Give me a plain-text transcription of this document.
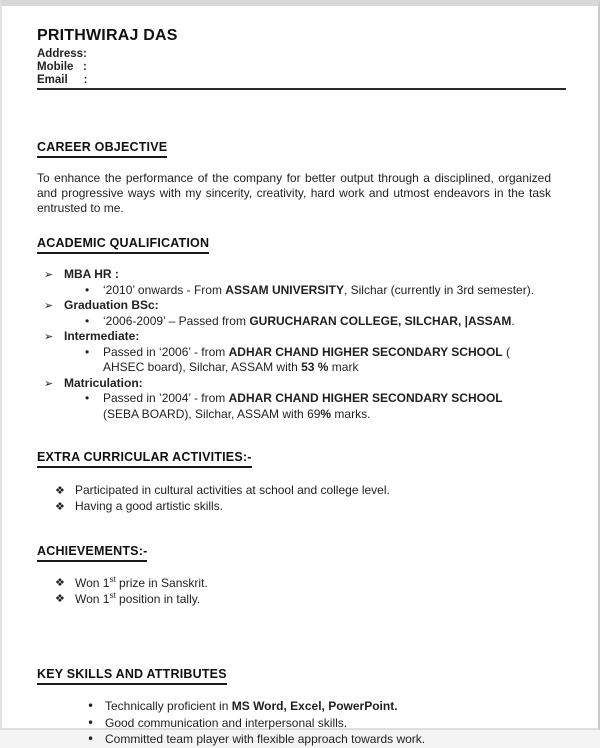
PRITHWIRAJ DAS
Address:
Mobile   :
Email     :
CAREER OBJECTIVE

To enhance the performance of the company for better output through a disciplined, organized and progressive ways with my sincerity, creativity, hard work and utmost endeavors in the task entrusted to me.

ACADEMIC QUALIFICATION
➢ MBA HR :
•	‘2010’ onwards - From ASSAM UNIVERSITY, Silchar (currently in 3rd semester).
➢ Graduation BSc:
•	‘2006-2009’ – Passed from GURUCHARAN COLLEGE, SILCHAR, |ASSAM.
➢ Intermediate:
•	Passed in ‘2006’ - from ADHAR CHAND HIGHER SECONDARY SCHOOL (
AHSEC board), Silchar, ASSAM with 53 % mark
➢ Matriculation:
•	Passed in ’2004’ - from ADHAR CHAND HIGHER SECONDARY SCHOOL
(SEBA BOARD), Silchar, ASSAM with 69% marks.
EXTRA CURRICULAR ACTIVITIES:-
❖ Participated in cultural activities at school and college level.
❖ Having a good artistic skills.
ACHIEVEMENTS:-
❖ Won 1st prize in Sanskrit.
❖ Won 1st position in tally.
KEY SKILLS AND ATTRIBUTES
• Technically proficient in MS Word, Excel, PowerPoint.
• Good communication and interpersonal skills.
• Committed team player with flexible approach towards work.
